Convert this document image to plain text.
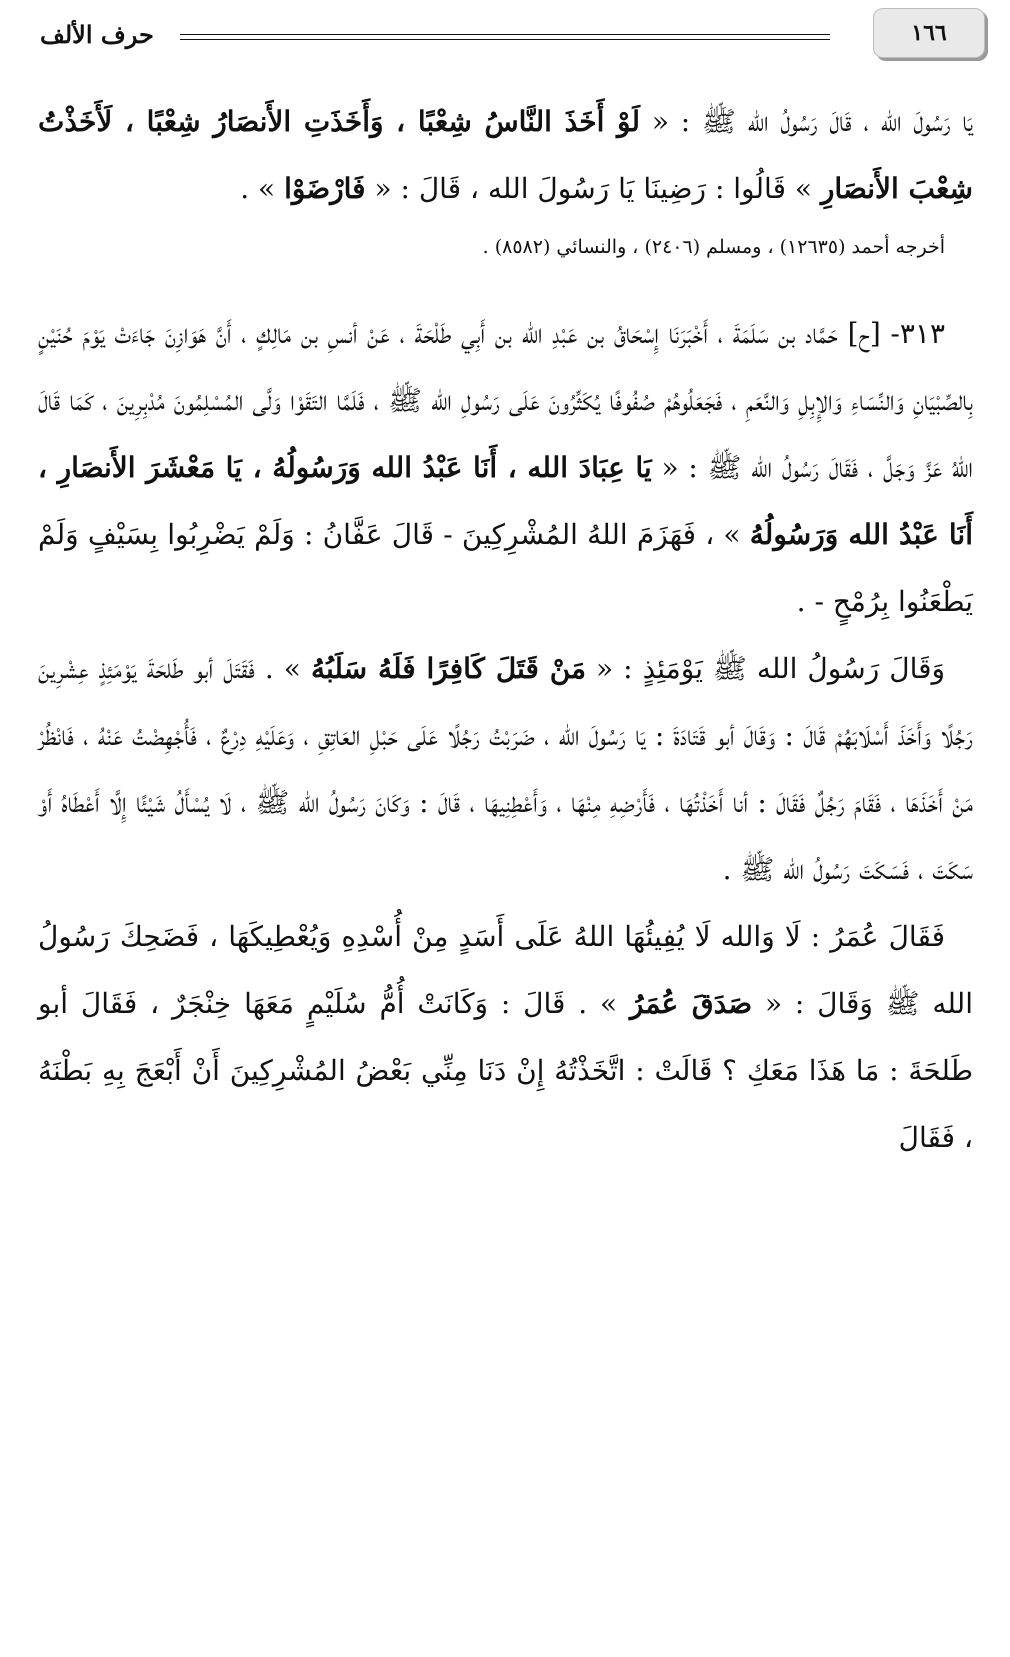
حرف الألف	١٦٦

يَا رَسُولَ الله ، قَالَ رَسُولُ الله ﷺ : « لَوْ أَخَذَ النَّاسُ شِعْبًا ، وَأَخَذَتِ الأَنصَارُ شِعْبًا ، لَأَخَذْتُ شِعْبَ الأَنصَارِ » قَالُوا : رَضِينَا يَا رَسُولَ الله ، قَالَ : « فَارْضَوْا » .

أخرجه أحمد (١٢٦٣٥) ، ومسلم (٢٤٠٦) ، والنسائي (٨٥٨٢) .

٣١٣- [ح] حَمَّاد بن سَلَمَةَ ، أَخْبَرَنَا إِسْحَاقُ بن عَبْدِ الله بن أَبِي طَلْحَةَ ، عَنْ أنسِ بن مَالِكٍ ، أَنَّ هَوَازِنَ جَاءَتْ يَوْمَ حُنَيْنٍ بِالصِّبْيَانِ وَالنِّسَاءِ وَالإِبِلِ وَالنَّعَمِ ، فَجَعَلُوهُمْ صُفُوفًا يُكَثِّرُونَ عَلَى رَسُولِ الله ﷺ ، فَلَمَّا التَقَوْا وَلَّى المُسْلِمُونَ مُدْبِرِينَ ، كَمَا قَالَ اللهُ عَزَّ وَجَلَّ ، فَقَالَ رَسُولُ الله ﷺ : « يَا عِبَادَ الله ، أَنَا عَبْدُ الله وَرَسُولُهُ ، يَا مَعْشَرَ الأَنصَارِ ، أَنَا عَبْدُ الله وَرَسُولُهُ » ، فَهَزَمَ اللهُ المُشْرِكِينَ - قَالَ عَفَّانُ : وَلَمْ يَضْرِبُوا بِسَيْفٍ وَلَمْ يَطْعَنُوا بِرُمْحٍ - .

وَقَالَ رَسُولُ الله ﷺ يَوْمَئِذٍ : « مَنْ قَتَلَ كَافِرًا فَلَهُ سَلَبُهُ » . فَقَتَلَ أبو طَلحَةَ يَوْمَئِذٍ عِشْرِينَ رَجُلًا وَأَخَذَ أَسْلَابَهُمْ قَالَ : وَقَالَ أبو قَتَادَةَ : يَا رَسُولَ الله ، ضَرَبْتُ رَجُلًا عَلَى حَبْلِ العَاتِقِ ، وَعَلَيْهِ دِرْعٌ ، فَأُجْهِضْتُ عَنْهُ ، فَانْظُرْ مَنْ أَخَذَهَا ، فَقَامَ رَجُلٌ فَقَالَ : أنا أَخَذْتُهَا ، فَأَرْضِهِ مِنْهَا ، وَأَعْطِنِيهَا ، قَالَ : وَكَانَ رَسُولُ الله ﷺ ، لَا يُسْأَلُ شَيْئًا إِلَّا أَعْطَاهُ أَوْ سَكَتَ ، فَسَكَتَ رَسُولُ الله ﷺ .

فَقَالَ عُمَرُ : لَا وَالله لَا يُفِيئُهَا اللهُ عَلَى أَسَدٍ مِنْ أُسْدِهِ وَيُعْطِيكَهَا ، فَضَحِكَ رَسُولُ الله ﷺ وَقَالَ : « صَدَقَ عُمَرُ » . قَالَ : وَكَانَتْ أُمُّ سُلَيْمٍ مَعَهَا خِنْجَرٌ ، فَقَالَ أبو طَلحَةَ : مَا هَذَا مَعَكِ ؟ قَالَتْ : اتَّخَذْتُهُ إِنْ دَنَا مِنِّي بَعْضُ المُشْرِكِينَ أَنْ أَبْعَجَ بِهِ بَطْنَهُ ، فَقَالَ
